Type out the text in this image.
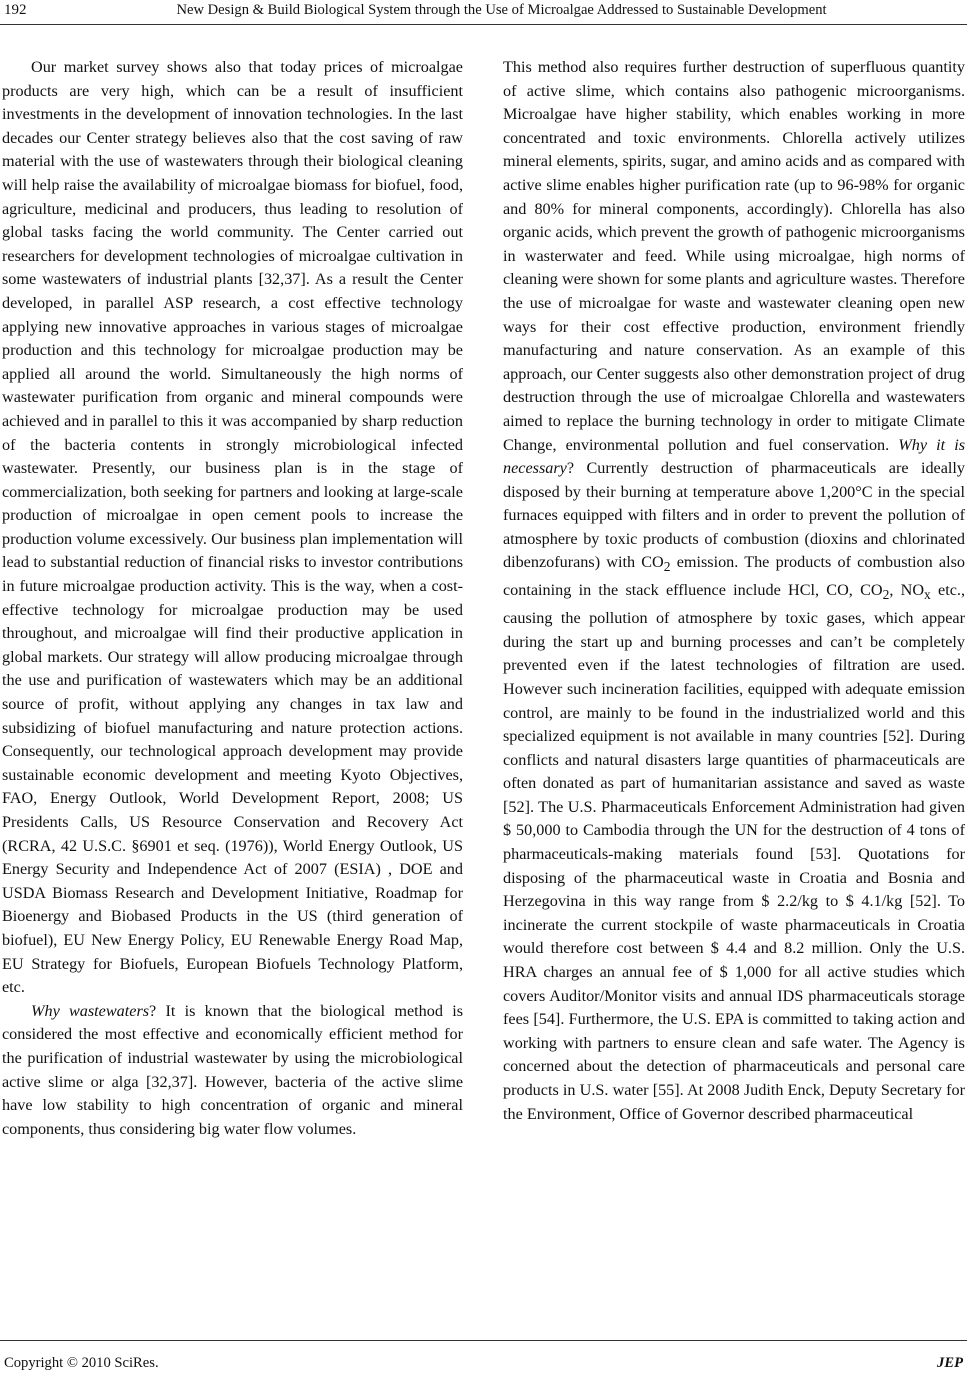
192	New Design & Build Biological System through the Use of Microalgae Addressed to Sustainable Development

Our market survey shows also that today prices of microalgae products are very high, which can be a result of insufficient investments in the development of innovation technologies. In the last decades our Center strategy believes also that the cost saving of raw material with the use of wastewaters through their biological cleaning will help raise the availability of microalgae biomass for biofuel, food, agriculture, medicinal and producers, thus leading to resolution of global tasks facing the world community. The Center carried out researchers for development technologies of microalgae cultivation in some wastewaters of industrial plants [32,37]. As a result the Center developed, in parallel ASP research, a cost effective technology applying new innovative approaches in various stages of microalgae production and this technology for microalgae production may be applied all around the world. Simultaneously the high norms of wastewater purification from organic and mineral compounds were achieved and in parallel to this it was accompanied by sharp reduction of the bacteria contents in strongly microbiological infected wastewater. Presently, our business plan is in the stage of commercialization, both seeking for partners and looking at large-scale production of microalgae in open cement pools to increase the production volume excessively. Our business plan implementation will lead to substantial reduction of financial risks to investor contributions in future microalgae production activity. This is the way, when a cost-effective technology for microalgae production may be used throughout, and microalgae will find their productive application in global markets. Our strategy will allow producing microalgae through the use and purification of wastewaters which may be an additional source of profit, without applying any changes in tax law and subsidizing of biofuel manufacturing and nature protection actions. Consequently, our technological approach development may provide sustainable economic development and meeting Kyoto Objectives, FAO, Energy Outlook, World Development Report, 2008; US Presidents Calls, US Resource Conservation and Recovery Act (RCRA, 42 U.S.C. §6901 et seq. (1976)), World Energy Outlook, US Energy Security and Independence Act of 2007 (ESIA) , DOE and USDA Biomass Research and Development Initiative, Roadmap for Bioenergy and Biobased Products in the US (third generation of biofuel), EU New Energy Policy, EU Renewable Energy Road Map, EU Strategy for Biofuels, European Biofuels Technology Platform, etc.

Why wastewaters? It is known that the biological method is considered the most effective and economically efficient method for the purification of industrial wastewater by using the microbiological active slime or alga [32,37]. However, bacteria of the active slime have low stability to high concentration of organic and mineral components, thus considering big water flow volumes.

This method also requires further destruction of superfluous quantity of active slime, which contains also pathogenic microorganisms. Microalgae have higher stability, which enables working in more concentrated and toxic environments. Chlorella actively utilizes mineral elements, spirits, sugar, and amino acids and as compared with active slime enables higher purification rate (up to 96-98% for organic and 80% for mineral components, accordingly). Chlorella has also organic acids, which prevent the growth of pathogenic microorganisms in wasterwater and feed. While using microalgae, high norms of cleaning were shown for some plants and agriculture wastes. Therefore the use of microalgae for waste and wastewater cleaning open new ways for their cost effective production, environment friendly manufacturing and nature conservation. As an example of this approach, our Center suggests also other demonstration project of drug destruction through the use of microalgae Chlorella and wastewaters aimed to replace the burning technology in order to mitigate Climate Change, environmental pollution and fuel conservation. Why it is necessary? Currently destruction of pharmaceuticals are ideally disposed by their burning at temperature above 1,200°C in the special furnaces equipped with filters and in order to prevent the pollution of atmosphere by toxic products of combustion (dioxins and chlorinated dibenzofurans) with $CO_2$ emission. The products of combustion also containing in the stack effluence include HCl, CO, $CO_2$, $NO_x$ etc., causing the pollution of atmosphere by toxic gases, which appear during the start up and burning processes and can’t be completely prevented even if the latest technologies of filtration are used. However such incineration facilities, equipped with adequate emission control, are mainly to be found in the industrialized world and this specialized equipment is not available in many countries [52]. During conflicts and natural disasters large quantities of pharmaceuticals are often donated as part of humanitarian assistance and saved as waste [52]. The U.S. Pharmaceuticals Enforcement Administration had given $ 50,000 to Cambodia through the UN for the destruction of 4 tons of pharmaceuticals-making materials found [53]. Quotations for disposing of the pharmaceutical waste in Croatia and Bosnia and Herzegovina in this way range from $ 2.2/kg to $ 4.1/kg [52]. To incinerate the current stockpile of waste pharmaceuticals in Croatia would therefore cost between $ 4.4 and 8.2 million. Only the U.S. HRA charges an annual fee of $ 1,000 for all active studies which covers Auditor/Monitor visits and annual IDS pharmaceuticals storage fees [54]. Furthermore, the U.S. EPA is committed to taking action and working with partners to ensure clean and safe water. The Agency is concerned about the detection of pharmaceuticals and personal care products in U.S. water [55]. At 2008 Judith Enck, Deputy Secretary for the Environment, Office of Governor described pharmaceutical

Copyright © 2010 SciRes.	JEP
